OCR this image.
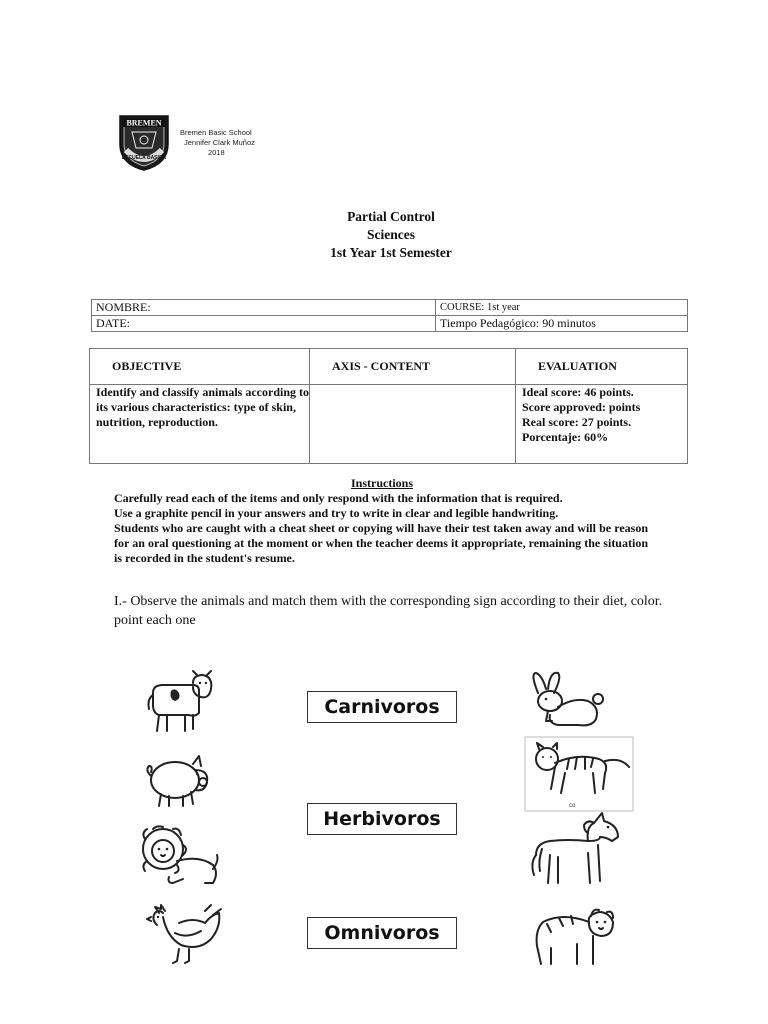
BREMEN
ESCUELA BASICA
Bremen Basic School
Jennifer Clark Muñoz
2018
Partial Control
Sciences
1st Year 1st Semester
NOMBRE:	COURSE: 1st year
DATE:	Tiempo Pedagógico: 90 minutos
OBJECTIVE	AXIS - CONTENT	EVALUATION
Identify and classify animals according to its various characteristics: type of skin, nutrition, reproduction.		Ideal score: 46 points.
Score approved: points
Real score: 27 points.
Porcentaje: 60%
Instructions

Carefully read each of the items and only respond with the information that is required.

Use a graphite pencil in your answers and try to write in clear and legible handwriting.

Students who are caught with a cheat sheet or copying will have their test taken away and will be reason for an oral questioning at the moment or when the teacher deems it appropriate, remaining the situation is recorded in the student's resume.

I.- Observe the animals and match them with the corresponding sign according to their diet, color. point each one
Carnivoros
Herbivoros
Omnivoros
co
